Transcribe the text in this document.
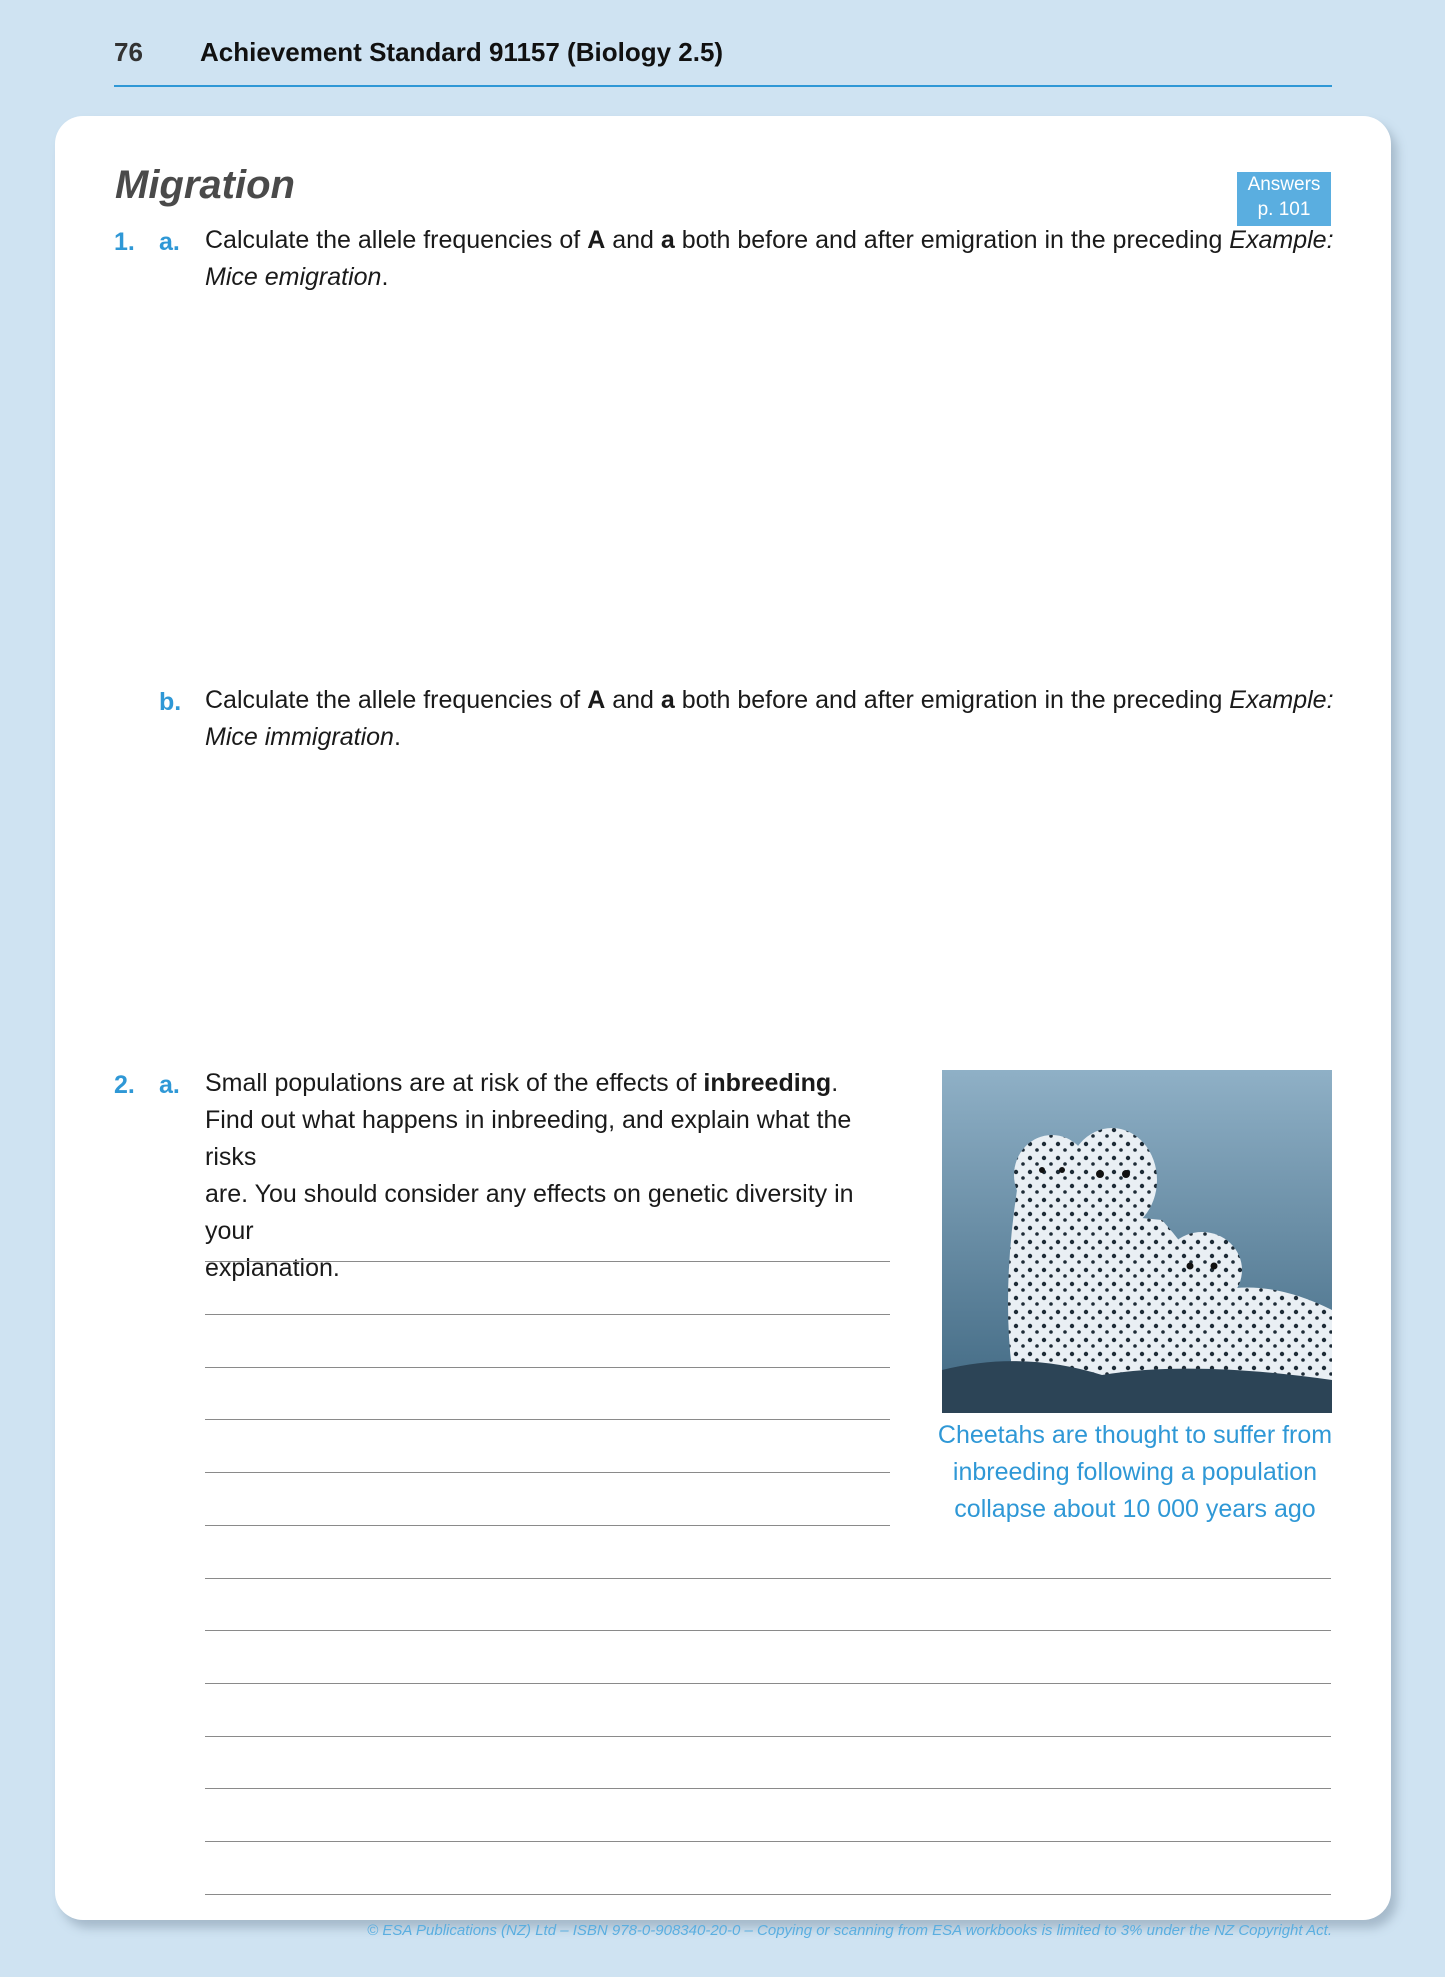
76 Achievement Standard 91157 (Biology 2.5)
Migration	Answers
p. 101
1. a. Calculate the allele frequencies of A and a both before and after emigration in the preceding Example:
Mice emigration.
b. Calculate the allele frequencies of A and a both before and after emigration in the preceding Example:
Mice immigration.
2. a. Small populations are at risk of the effects of inbreeding.
Find out what happens in inbreeding, and explain what the risks
are. You should consider any effects on genetic diversity in your
explanation.
Cheetahs are thought to suffer from
inbreeding following a population
collapse about 10 000 years ago
© ESA Publications (NZ) Ltd – ISBN 978-0-908340-20-0 – Copying or scanning from ESA workbooks is limited to 3% under the NZ Copyright Act.
